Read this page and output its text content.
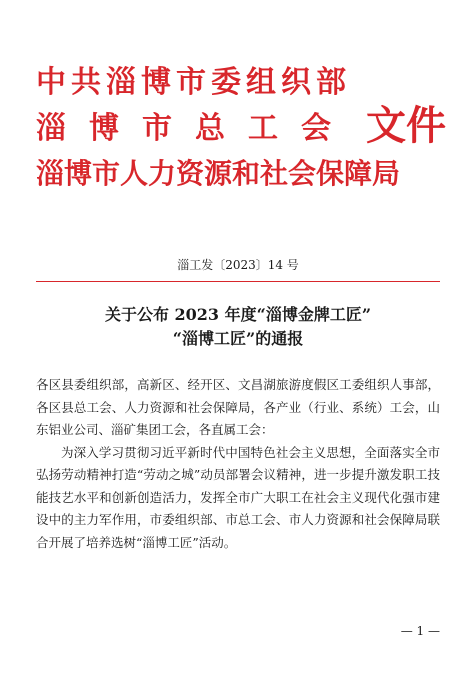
中共淄博市委组织部
淄博市总工会
淄博市人力资源和社会保障局
文件
淄工发〔2023〕14 号
关于公布 2023 年度“淄博金牌工匠”
“淄博工匠”的通报

各区县委组织部，高新区、经开区、文昌湖旅游度假区工委组织人事部，各区县总工会、人力资源和社会保障局，各产业（行业、系统）工会，山东铝业公司、淄矿集团工会，各直属工会：

为深入学习贯彻习近平新时代中国特色社会主义思想，全面落实全市弘扬劳动精神打造“劳动之城”动员部署会议精神，进一步提升激发职工技能技艺水平和创新创造活力，发挥全市广大职工在社会主义现代化强市建设中的主力军作用，市委组织部、市总工会、市人力资源和社会保障局联合开展了培养选树“淄博工匠”活动。

— 1 —
